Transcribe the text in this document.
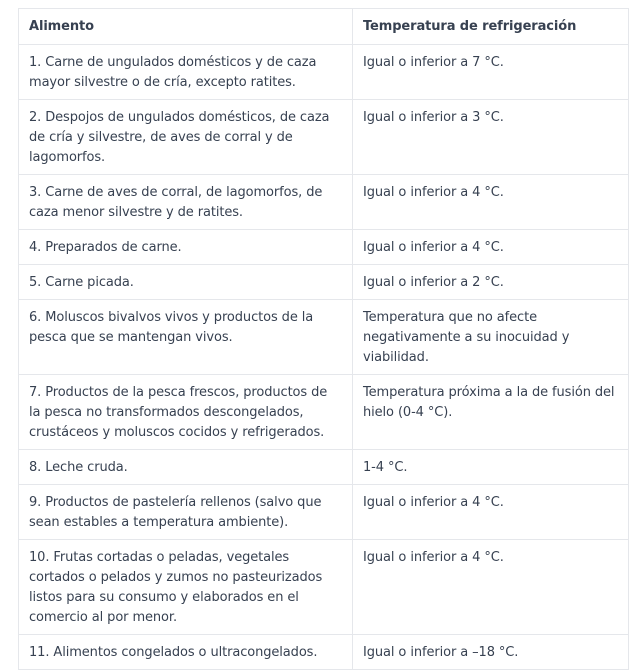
Alimento	Temperatura de refrigeración
1. Carne de ungulados domésticos y de caza mayor silvestre o de cría, excepto ratites.	Igual o inferior a 7 °C.
2. Despojos de ungulados domésticos, de caza de cría y silvestre, de aves de corral y de lagomorfos.	Igual o inferior a 3 °C.
3. Carne de aves de corral, de lagomorfos, de caza menor silvestre y de ratites.	Igual o inferior a 4 °C.
4. Preparados de carne.	Igual o inferior a 4 °C.
5. Carne picada.	Igual o inferior a 2 °C.
6. Moluscos bivalvos vivos y productos de la pesca que se mantengan vivos.	Temperatura que no afecte negativamente a su inocuidad y viabilidad.
7. Productos de la pesca frescos, productos de la pesca no transformados descongelados, crustáceos y moluscos cocidos y refrigerados.	Temperatura próxima a la de fusión del hielo (0-4 °C).
8. Leche cruda.	1-4 °C.
9. Productos de pastelería rellenos (salvo que sean estables a temperatura ambiente).	Igual o inferior a 4 °C.
10. Frutas cortadas o peladas, vegetales cortados o pelados y zumos no pasteurizados listos para su consumo y elaborados en el comercio al por menor.	Igual o inferior a 4 °C.
11. Alimentos congelados o ultracongelados.	Igual o inferior a –18 °C.
